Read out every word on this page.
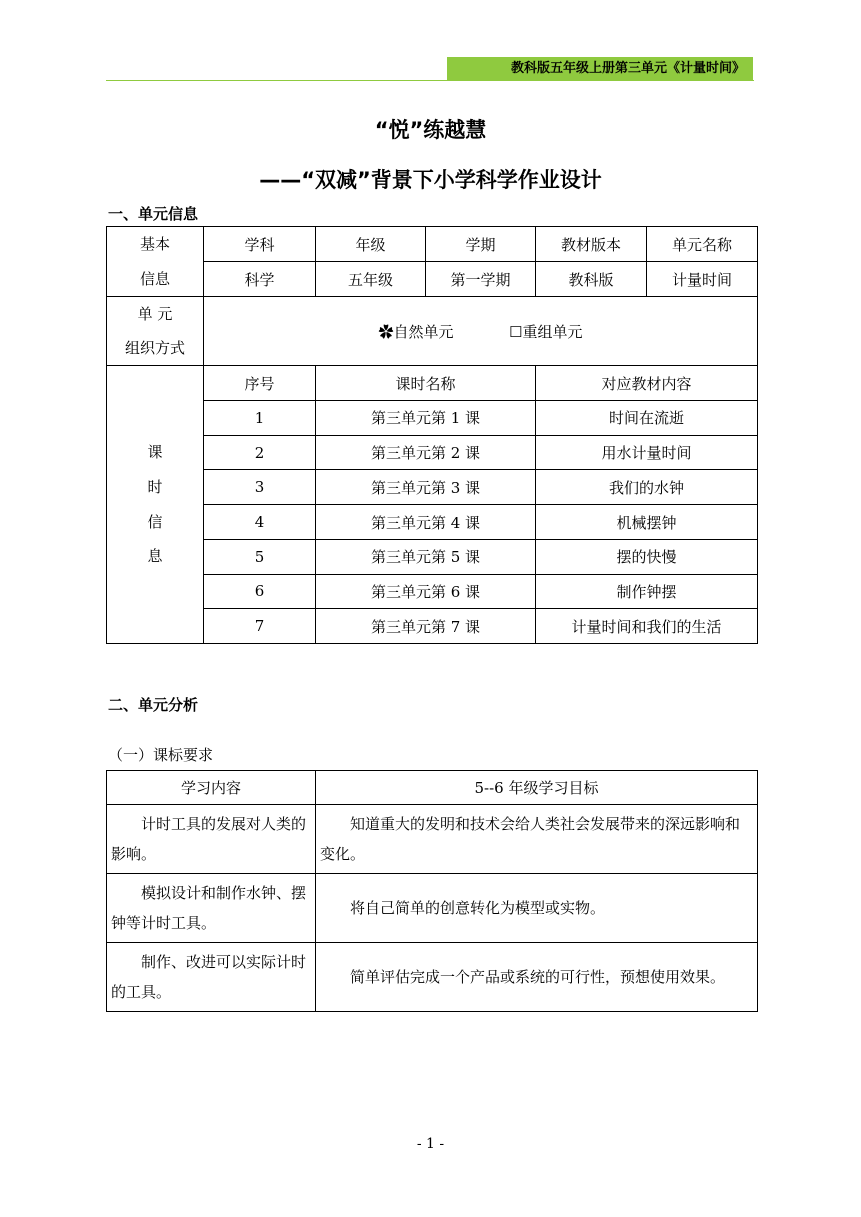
教科版五年级上册第三单元《计量时间》
“悦”练越慧
——“双减”背景下小学科学作业设计
一、单元信息
基本
信息	学科	年级	学期	教材版本	单元名称
	科学	五年级	第一学期	教科版	计量时间

单 元
组织方式	✿自然单元 ☐重组单元				

课
时
信
息	序号	课时名称		对应教材内容	
	1	第三单元第 1 课		时间在流逝	
	2	第三单元第 2 课		用水计量时间	
	3	第三单元第 3 课		我们的水钟	
	4	第三单元第 4 课		机械摆钟	
	5	第三单元第 5 课		摆的快慢	
	6	第三单元第 6 课		制作钟摆	
	7	第三单元第 7 课		计量时间和我们的生活	
二、单元分析
（一）课标要求
学习内容	5--6 年级学习目标
计时工具的发展对人类的影响。	知道重大的发明和技术会给人类社会发展带来的深远影响和变化。
模拟设计和制作水钟、摆钟等计时工具。	将自己简单的创意转化为模型或实物。
制作、改进可以实际计时的工具。	简单评估完成一个产品或系统的可行性，预想使用效果。
- 1 -
